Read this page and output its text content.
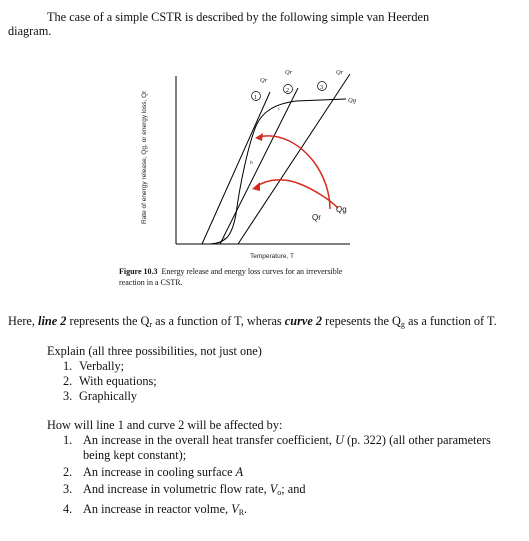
The case of a simple CSTR is described by the following simple van Heerden
diagram.
Rate of energy release, Qg, or energy loss, Qr
Temperature, T
Qr
Qr	Qr
Qg
1
2	3
a
b
c
Qr
Qg
Figure 10.3 Energy release and energy loss curves for an irreversible reaction in a CSTR.
Here, line 2 represents the $Q_r$ as a function of T, wheras curve 2 repesents the $Q_g$ as a function of T.
Explain (all three possibilities, not just one)
1. Verbally;
2. With equations;
3. Graphically
How will line 1 and curve 2 will be affected by:
1. An increase in the overall heat transfer coefficient, U (p. 322) (all other parameters being kept constant);
2. An increase in cooling surface A
3. And increase in volumetric flow rate, $V_o$; and
4. An increase in reactor volme, $V_R$.
